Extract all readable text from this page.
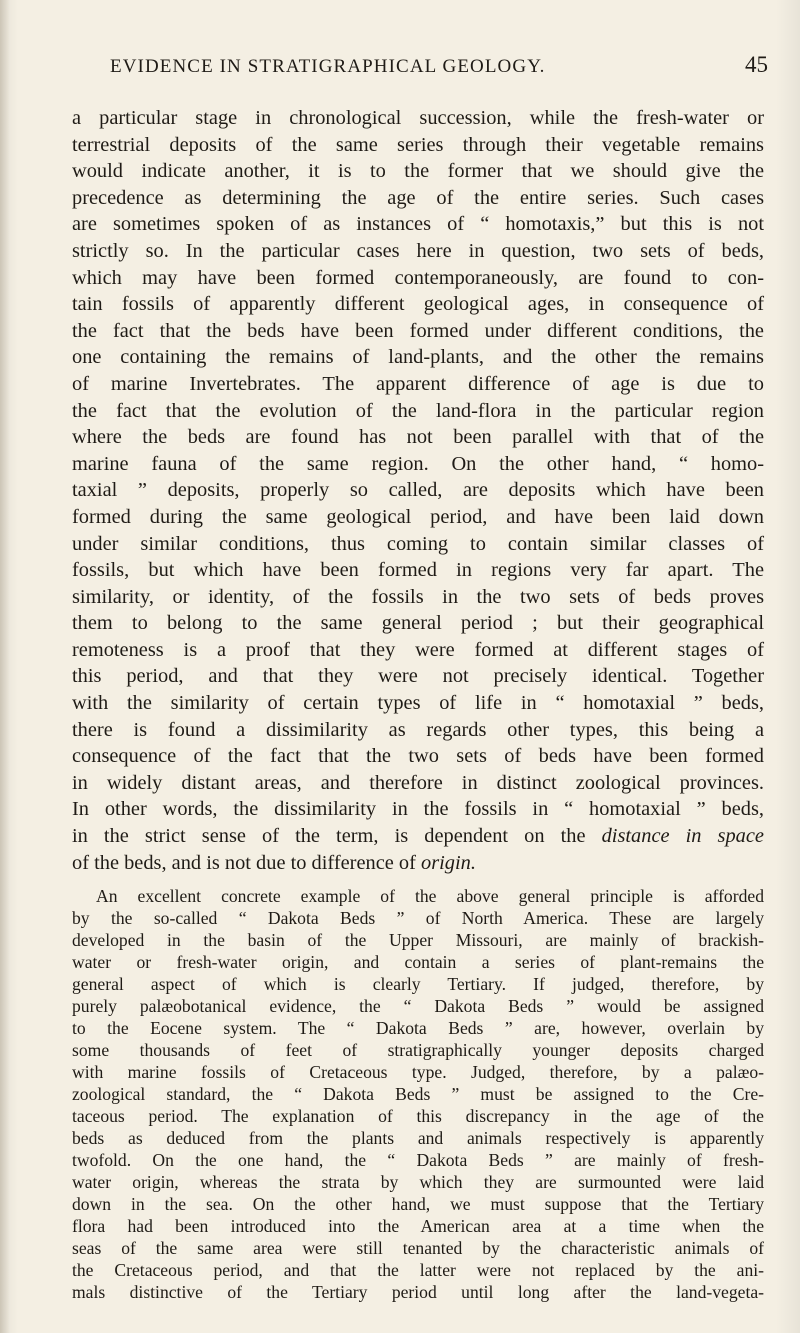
EVIDENCE IN STRATIGRAPHICAL GEOLOGY.	45

a particular stage in chronological succession, while the fresh-water or
terrestrial deposits of the same series through their vegetable remains
would indicate another, it is to the former that we should give the
precedence as determining the age of the entire series. Such cases
are sometimes spoken of as instances of “ homotaxis,” but this is not
strictly so. In the particular cases here in question, two sets of beds,
which may have been formed contemporaneously, are found to con-
tain fossils of apparently different geological ages, in consequence of
the fact that the beds have been formed under different conditions, the
one containing the remains of land-plants, and the other the remains
of marine Invertebrates. The apparent difference of age is due to
the fact that the evolution of the land-flora in the particular region
where the beds are found has not been parallel with that of the
marine fauna of the same region. On the other hand, “ homo-
taxial ” deposits, properly so called, are deposits which have been
formed during the same geological period, and have been laid down
under similar conditions, thus coming to contain similar classes of
fossils, but which have been formed in regions very far apart. The
similarity, or identity, of the fossils in the two sets of beds proves
them to belong to the same general period ; but their geographical
remoteness is a proof that they were formed at different stages of
this period, and that they were not precisely identical. Together
with the similarity of certain types of life in “ homotaxial ” beds,
there is found a dissimilarity as regards other types, this being a
consequence of the fact that the two sets of beds have been formed
in widely distant areas, and therefore in distinct zoological provinces.
In other words, the dissimilarity in the fossils in “ homotaxial ” beds,
in the strict sense of the term, is dependent on the distance in space
of the beds, and is not due to difference of origin.

An excellent concrete example of the above general principle is afforded
by the so-called “ Dakota Beds ” of North America. These are largely
developed in the basin of the Upper Missouri, are mainly of brackish-
water or fresh-water origin, and contain a series of plant-remains the
general aspect of which is clearly Tertiary. If judged, therefore, by
purely palæobotanical evidence, the “ Dakota Beds ” would be assigned
to the Eocene system. The “ Dakota Beds ” are, however, overlain by
some thousands of feet of stratigraphically younger deposits charged
with marine fossils of Cretaceous type. Judged, therefore, by a palæo-
zoological standard, the “ Dakota Beds ” must be assigned to the Cre-
taceous period. The explanation of this discrepancy in the age of the
beds as deduced from the plants and animals respectively is apparently
twofold. On the one hand, the “ Dakota Beds ” are mainly of fresh-
water origin, whereas the strata by which they are surmounted were laid
down in the sea. On the other hand, we must suppose that the Tertiary
flora had been introduced into the American area at a time when the
seas of the same area were still tenanted by the characteristic animals of
the Cretaceous period, and that the latter were not replaced by the ani-
mals distinctive of the Tertiary period until long after the land-vegeta-
